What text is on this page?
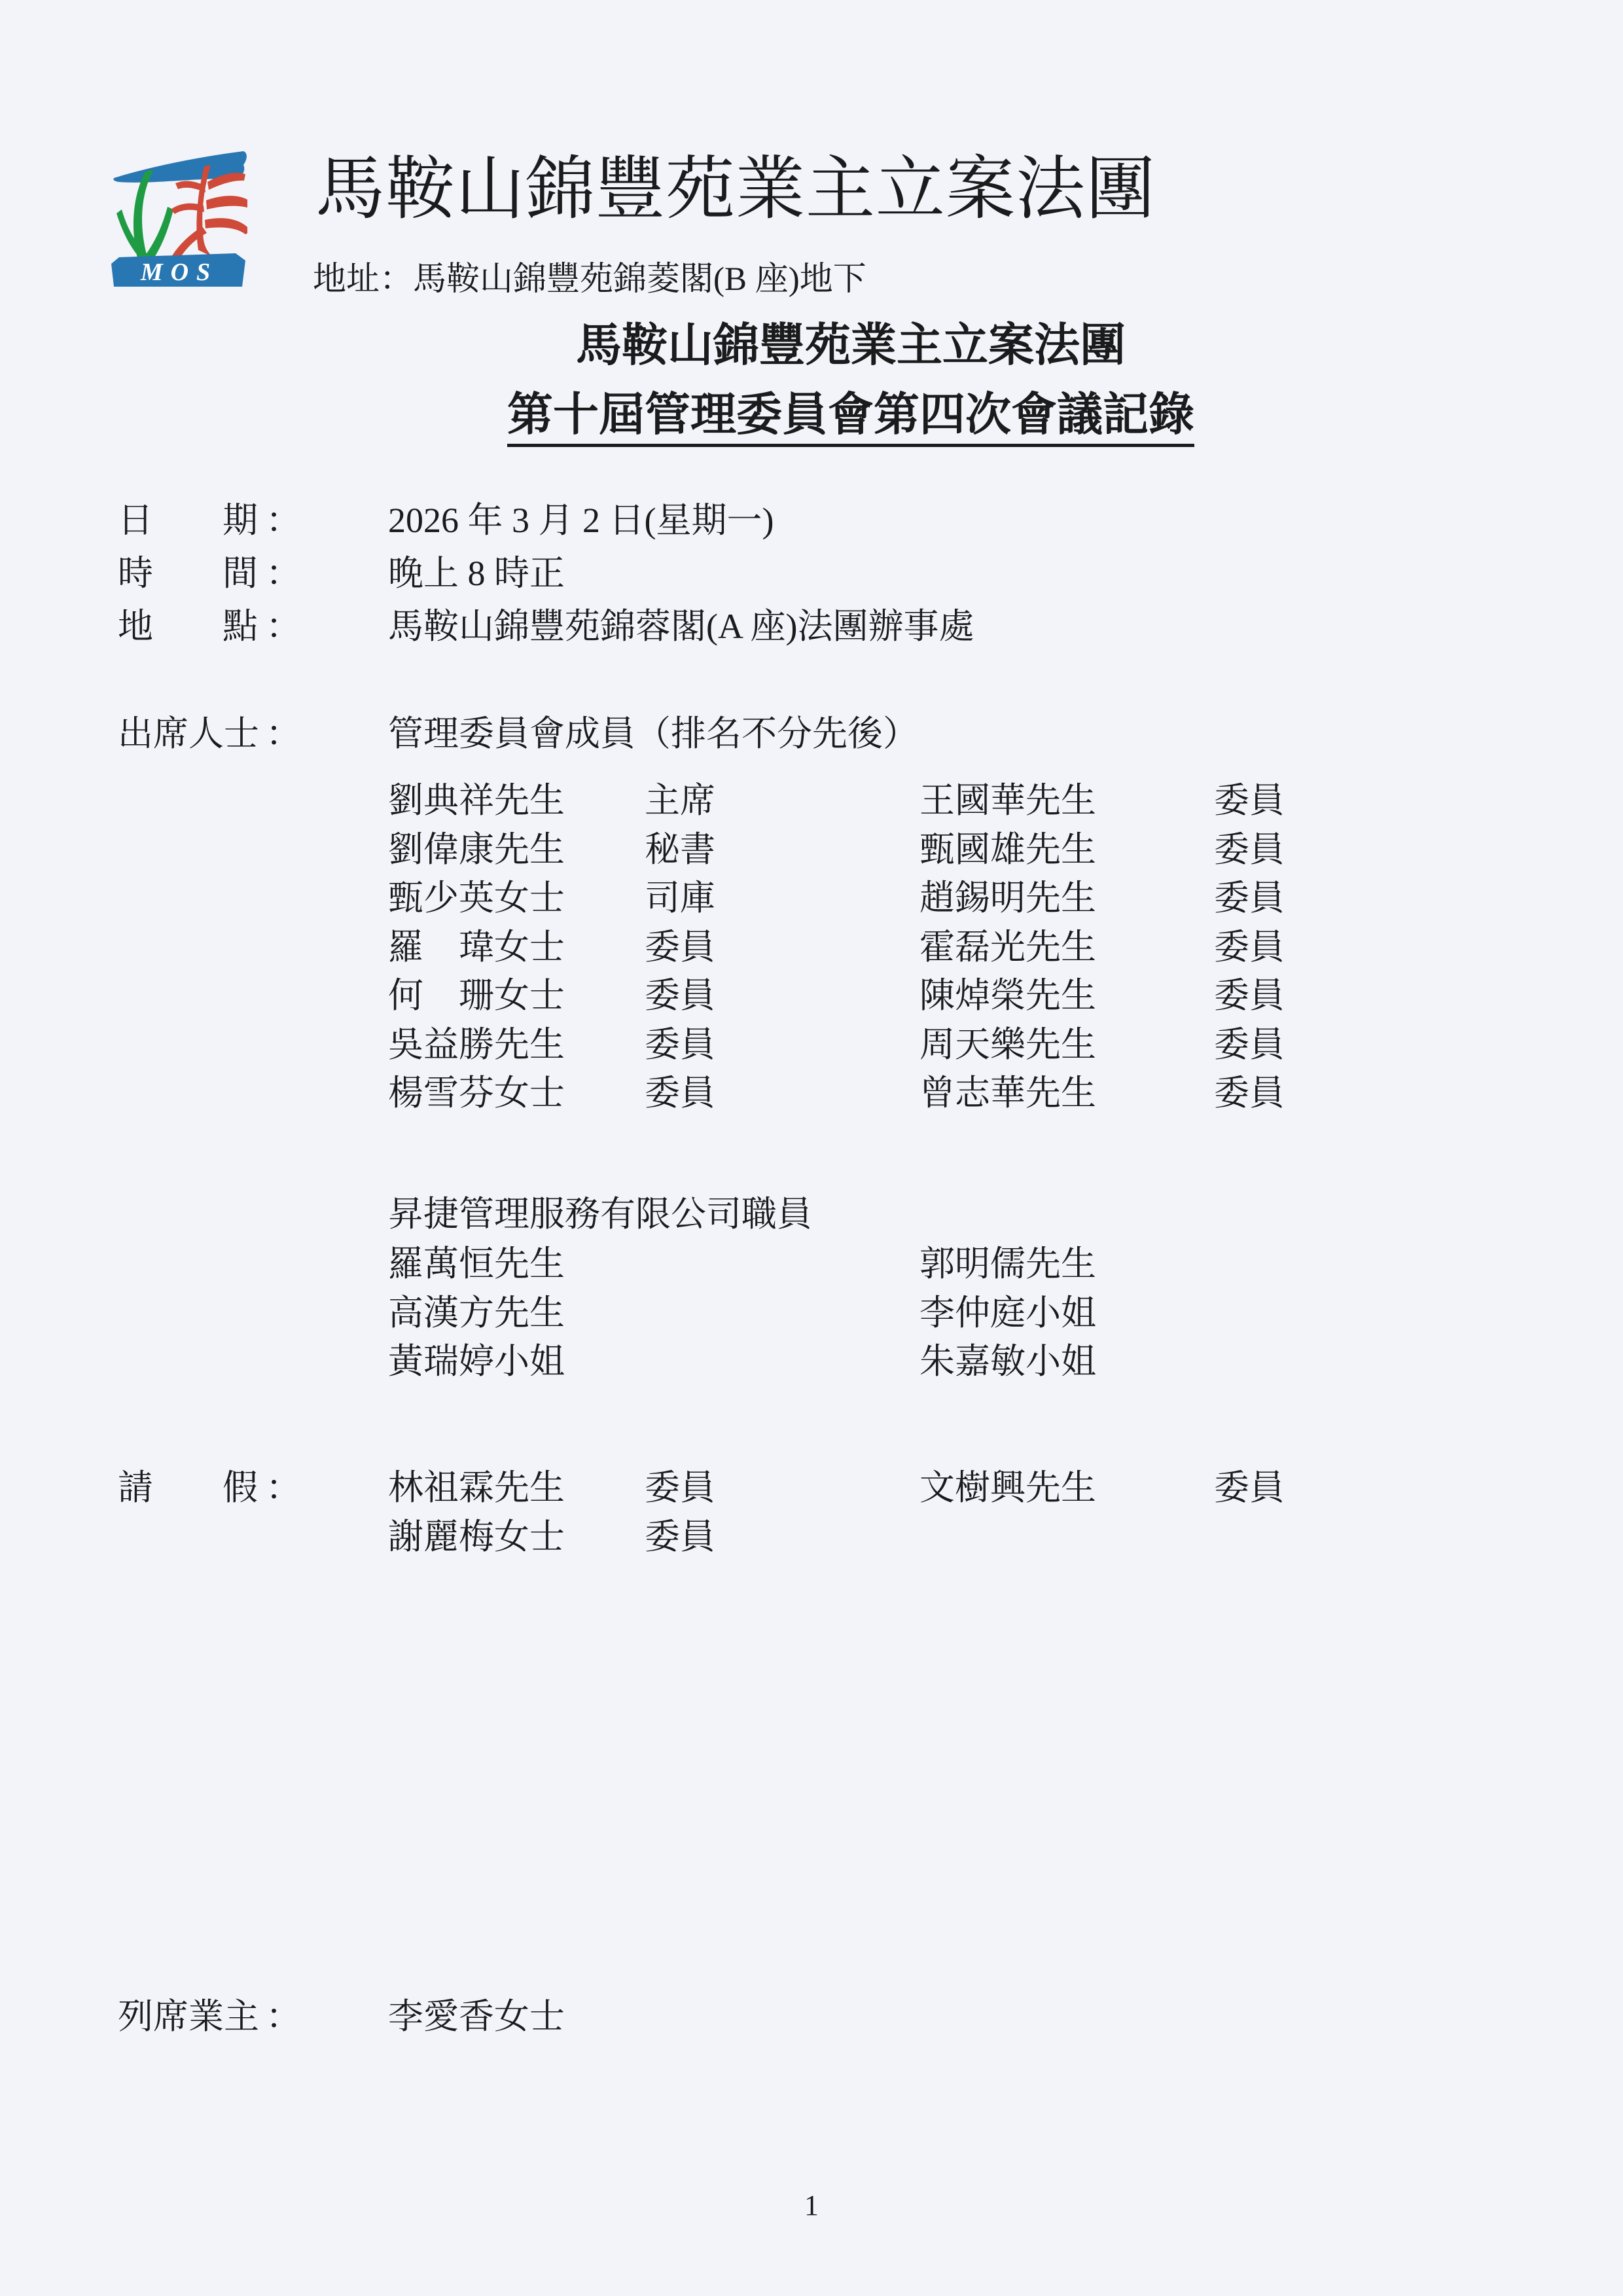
MOS
馬鞍山錦豐苑業主立案法團
地址：馬鞍山錦豐苑錦菱閣(B 座)地下
馬鞍山錦豐苑業主立案法團
第十屆管理委員會第四次會議記錄
日期 ： 2026 年 3 月 2 日(星期一)
時間 ： 晚上 8 時正
地點 ： 馬鞍山錦豐苑錦蓉閣(A 座)法團辦事處
出席人士 ： 管理委員會成員（排名不分先後）
劉典祥先生 主席	王國華先生	委員
劉偉康先生 秘書	甄國雄先生	委員
甄少英女士 司庫	趙錫明先生	委員
羅　瑋女士 委員	霍磊光先生	委員
何　珊女士 委員	陳焯榮先生	委員
吳益勝先生 委員	周天樂先生	委員
楊雪芬女士 委員	曾志華先生	委員
昇捷管理服務有限公司職員
羅萬恒先生	郭明儒先生
高漢方先生	李仲庭小姐
黃瑞婷小姐	朱嘉敏小姐
請假 ： 林祖霖先生 委員	文樹興先生	委員
謝麗梅女士 委員
列席業主 ： 李愛香女士
1
